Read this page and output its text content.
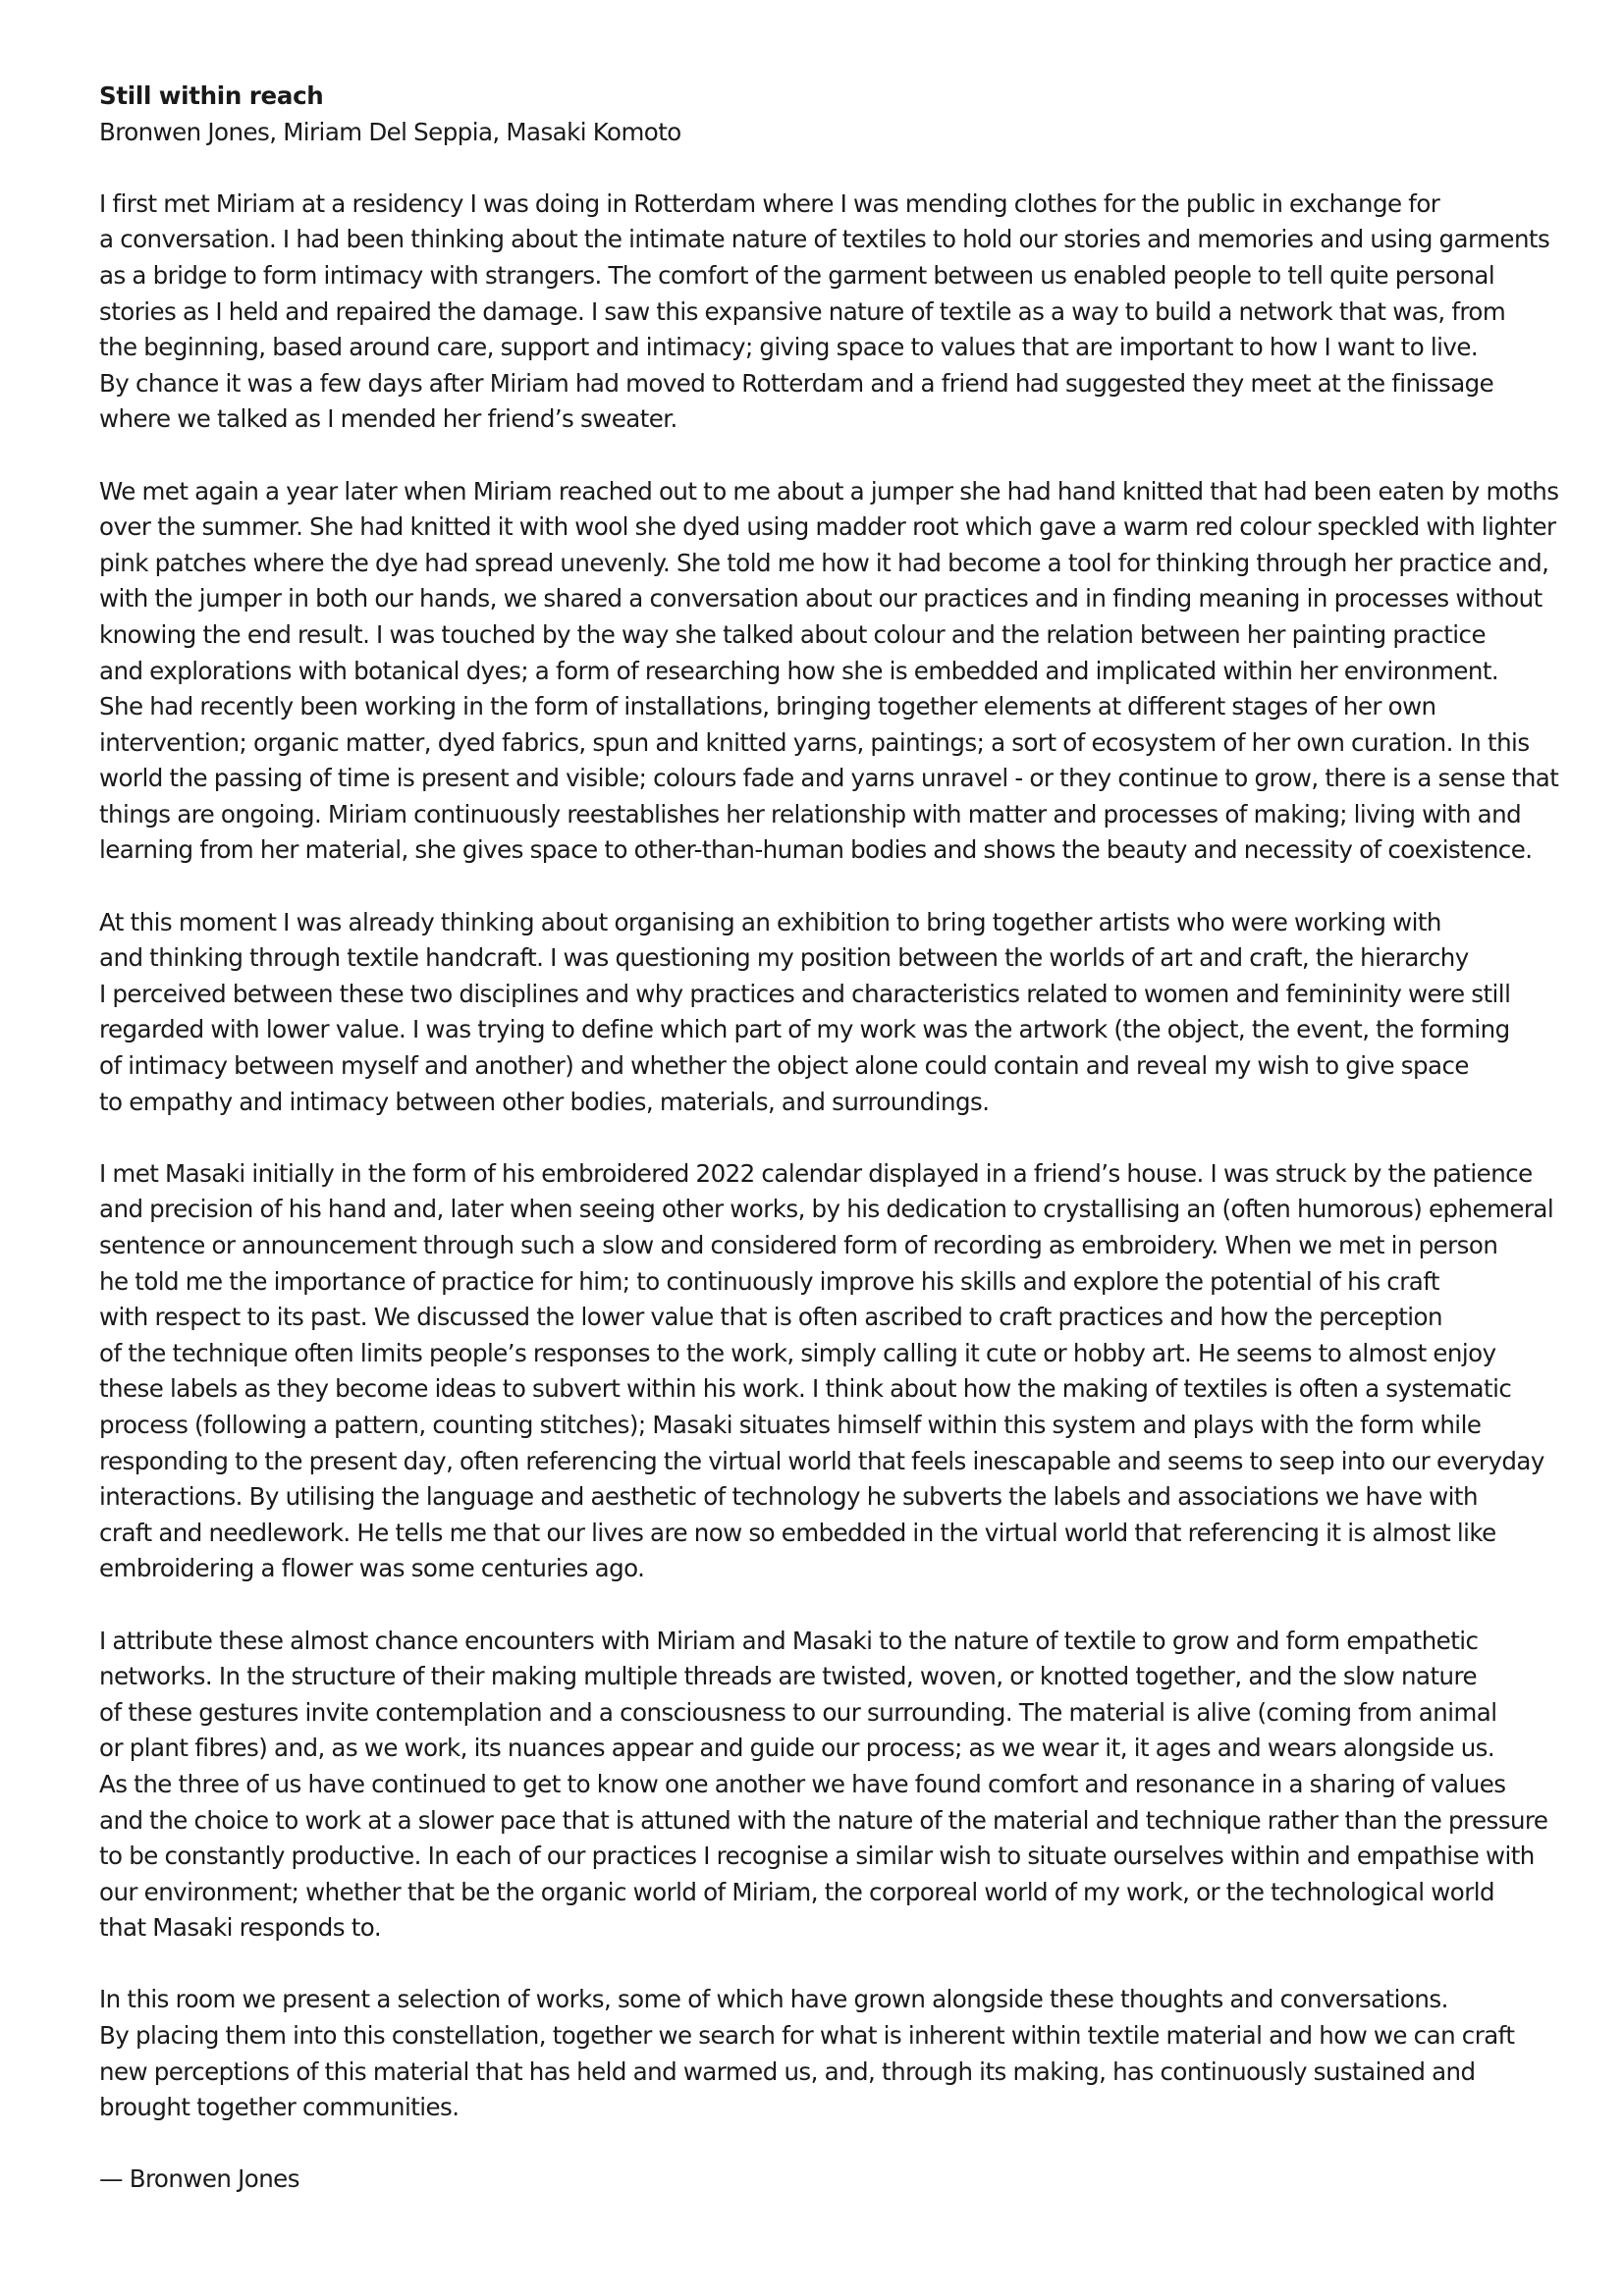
Still within reach
Bronwen Jones, Miriam Del Seppia, Masaki Komoto
I first met Miriam at a residency I was doing in Rotterdam where I was mending clothes for the public in exchange for
a conversation. I had been thinking about the intimate nature of textiles to hold our stories and memories and using garments
as a bridge to form intimacy with strangers. The comfort of the garment between us enabled people to tell quite personal
stories as I held and repaired the damage. I saw this expansive nature of textile as a way to build a network that was, from
the beginning, based around care, support and intimacy; giving space to values that are important to how I want to live.
By chance it was a few days after Miriam had moved to Rotterdam and a friend had suggested they meet at the finissage
where we talked as I mended her friend’s sweater.
We met again a year later when Miriam reached out to me about a jumper she had hand knitted that had been eaten by moths
over the summer. She had knitted it with wool she dyed using madder root which gave a warm red colour speckled with lighter
pink patches where the dye had spread unevenly. She told me how it had become a tool for thinking through her practice and,
with the jumper in both our hands, we shared a conversation about our practices and in finding meaning in processes without
knowing the end result. I was touched by the way she talked about colour and the relation between her painting practice
and explorations with botanical dyes; a form of researching how she is embedded and implicated within her environment.
She had recently been working in the form of installations, bringing together elements at different stages of her own
intervention; organic matter, dyed fabrics, spun and knitted yarns, paintings; a sort of ecosystem of her own curation. In this
world the passing of time is present and visible; colours fade and yarns unravel - or they continue to grow, there is a sense that
things are ongoing. Miriam continuously reestablishes her relationship with matter and processes of making; living with and
learning from her material, she gives space to other-than-human bodies and shows the beauty and necessity of coexistence.
At this moment I was already thinking about organising an exhibition to bring together artists who were working with
and thinking through textile handcraft. I was questioning my position between the worlds of art and craft, the hierarchy
I perceived between these two disciplines and why practices and characteristics related to women and femininity were still
regarded with lower value. I was trying to define which part of my work was the artwork (the object, the event, the forming
of intimacy between myself and another) and whether the object alone could contain and reveal my wish to give space
to empathy and intimacy between other bodies, materials, and surroundings.
I met Masaki initially in the form of his embroidered 2022 calendar displayed in a friend’s house. I was struck by the patience
and precision of his hand and, later when seeing other works, by his dedication to crystallising an (often humorous) ephemeral
sentence or announcement through such a slow and considered form of recording as embroidery. When we met in person
he told me the importance of practice for him; to continuously improve his skills and explore the potential of his craft
with respect to its past. We discussed the lower value that is often ascribed to craft practices and how the perception
of the technique often limits people’s responses to the work, simply calling it cute or hobby art. He seems to almost enjoy
these labels as they become ideas to subvert within his work. I think about how the making of textiles is often a systematic
process (following a pattern, counting stitches); Masaki situates himself within this system and plays with the form while
responding to the present day, often referencing the virtual world that feels inescapable and seems to seep into our everyday
interactions. By utilising the language and aesthetic of technology he subverts the labels and associations we have with
craft and needlework. He tells me that our lives are now so embedded in the virtual world that referencing it is almost like
embroidering a flower was some centuries ago.
I attribute these almost chance encounters with Miriam and Masaki to the nature of textile to grow and form empathetic
networks. In the structure of their making multiple threads are twisted, woven, or knotted together, and the slow nature
of these gestures invite contemplation and a consciousness to our surrounding. The material is alive (coming from animal
or plant fibres) and, as we work, its nuances appear and guide our process; as we wear it, it ages and wears alongside us.
As the three of us have continued to get to know one another we have found comfort and resonance in a sharing of values
and the choice to work at a slower pace that is attuned with the nature of the material and technique rather than the pressure
to be constantly productive. In each of our practices I recognise a similar wish to situate ourselves within and empathise with
our environment; whether that be the organic world of Miriam, the corporeal world of my work, or the technological world
that Masaki responds to.
In this room we present a selection of works, some of which have grown alongside these thoughts and conversations.
By placing them into this constellation, together we search for what is inherent within textile material and how we can craft
new perceptions of this material that has held and warmed us, and, through its making, has continuously sustained and
brought together communities.
— Bronwen Jones
